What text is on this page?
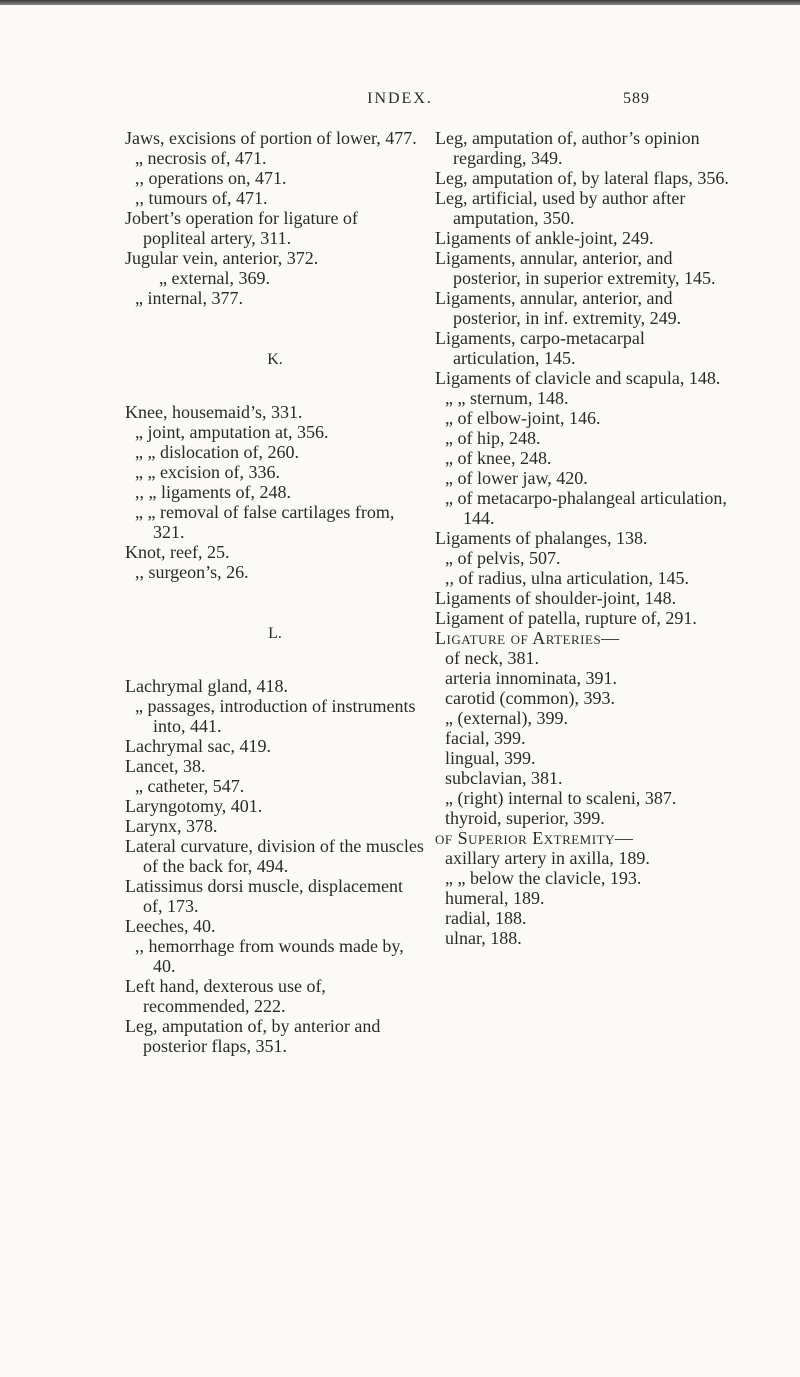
INDEX.	589

Jaws, excisions of portion of lower, 477.

„ necrosis of, 471.

,, operations on, 471.

,, tumours of, 471.

Jobert’s operation for ligature of popliteal artery, 311.

Jugular vein, anterior, 372.

„ external, 369.

„ internal, 377.

K.

Knee, housemaid’s, 331.

„ joint, amputation at, 356.

„ „ dislocation of, 260.

„ „ excision of, 336.

,, „ ligaments of, 248.

„ „ removal of false cartilages from, 321.

Knot, reef, 25.

,, surgeon’s, 26.

L.

Lachrymal gland, 418.

„ passages, introduction of instruments into, 441.

Lachrymal sac, 419.

Lancet, 38.

„ catheter, 547.

Laryngotomy, 401.

Larynx, 378.

Lateral curvature, division of the muscles of the back for, 494.

Latissimus dorsi muscle, displacement of, 173.

Leeches, 40.

,, hemorrhage from wounds made by, 40.

Left hand, dexterous use of, recommended, 222.

Leg, amputation of, by anterior and posterior flaps, 351.

Leg, amputation of, author’s opinion regarding, 349.

Leg, amputation of, by lateral flaps, 356.

Leg, artificial, used by author after amputation, 350.

Ligaments of ankle-joint, 249.

Ligaments, annular, anterior, and posterior, in superior extremity, 145.

Ligaments, annular, anterior, and posterior, in inf. extremity, 249.

Ligaments, carpo-metacarpal articulation, 145.

Ligaments of clavicle and scapula, 148.

„ „ sternum, 148.

„ of elbow-joint, 146.

„ of hip, 248.

„ of knee, 248.

„ of lower jaw, 420.

„ of metacarpo-phalangeal articulation, 144.

Ligaments of phalanges, 138.

„ of pelvis, 507.

,, of radius, ulna articulation, 145.

Ligaments of shoulder-joint, 148.

Ligament of patella, rupture of, 291.

Ligature of Arteries—

of neck, 381.

arteria innominata, 391.

carotid (common), 393.

„ (external), 399.

facial, 399.

lingual, 399.

subclavian, 381.

„ (right) internal to scaleni, 387.

thyroid, superior, 399.

of Superior Extremity—

axillary artery in axilla, 189.

„ „ below the clavicle, 193.

humeral, 189.

radial, 188.

ulnar, 188.
